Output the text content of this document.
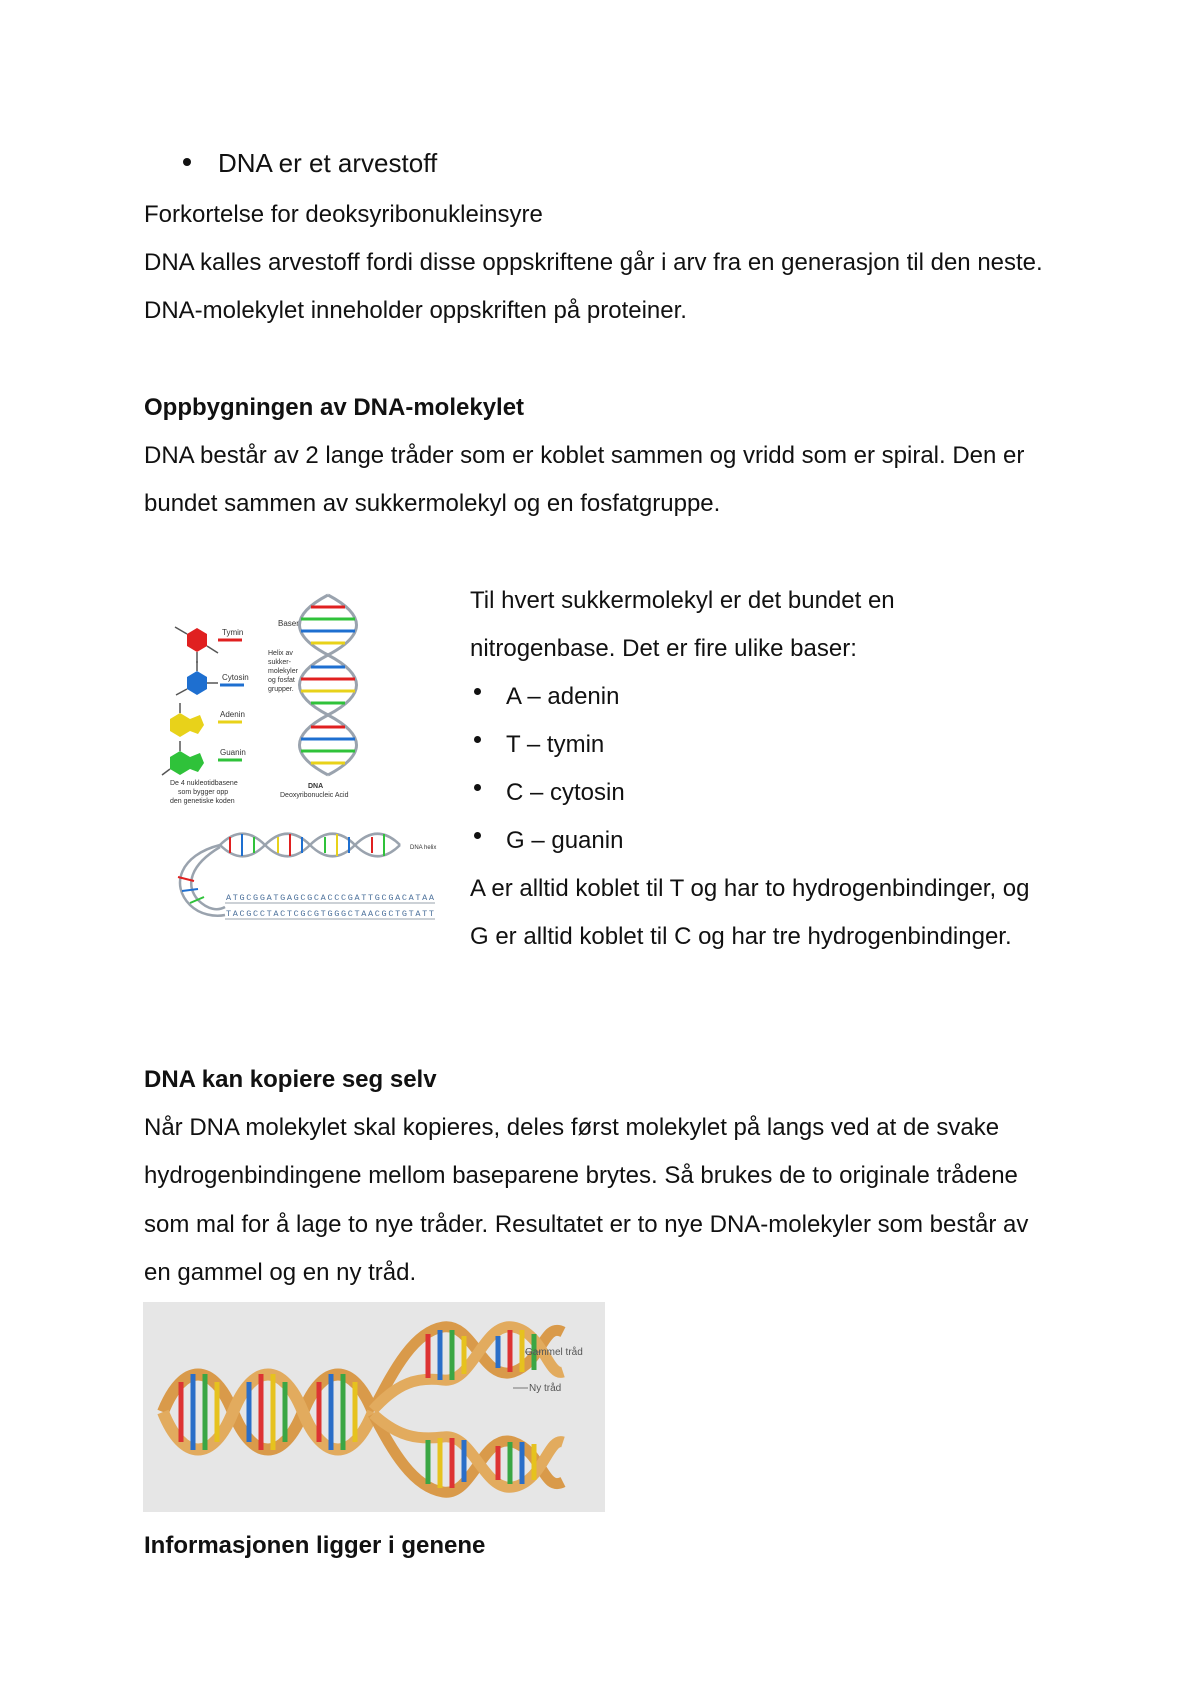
DNA er et arvestoff
Forkortelse for deoksyribonukleinsyre
DNA kalles arvestoff fordi disse oppskriftene går i arv fra en generasjon til den neste.
DNA-molekylet inneholder oppskriften på proteiner.
Oppbygningen av DNA-molekylet
DNA består av 2 lange tråder som er koblet sammen og vridd som er spiral. Den er
bundet sammen av sukkermolekyl og en fosfatgruppe.
Tymin
Cytosin
Adenin
Guanin
De 4 nukleotidbasene som bygger opp den genetiske koden
Baser
Helix av sukker- molekyler og fosfat grupper.
DNA Deoxyribonucleic Acid
DNA helix
ATGCGGATGAGCGCACCCGATTGCGACATAA
TACGCCTACTCGCGTGGGCTAACGCTGTATT
Til hvert sukkermolekyl er det bundet en
nitrogenbase. Det er fire ulike baser:
A – adenin
T – tymin
C – cytosin
G – guanin
A er alltid koblet til T og har to hydrogenbindinger, og
G er alltid koblet til C og har tre hydrogenbindinger.
DNA kan kopiere seg selv
Når DNA molekylet skal kopieres, deles først molekylet på langs ved at de svake
hydrogenbindingene mellom baseparene brytes. Så brukes de to originale trådene
som mal for å lage to nye tråder. Resultatet er to nye DNA-molekyler som består av
en gammel og en ny tråd.
Gammel tråd
Ny tråd
Informasjonen ligger i genene
